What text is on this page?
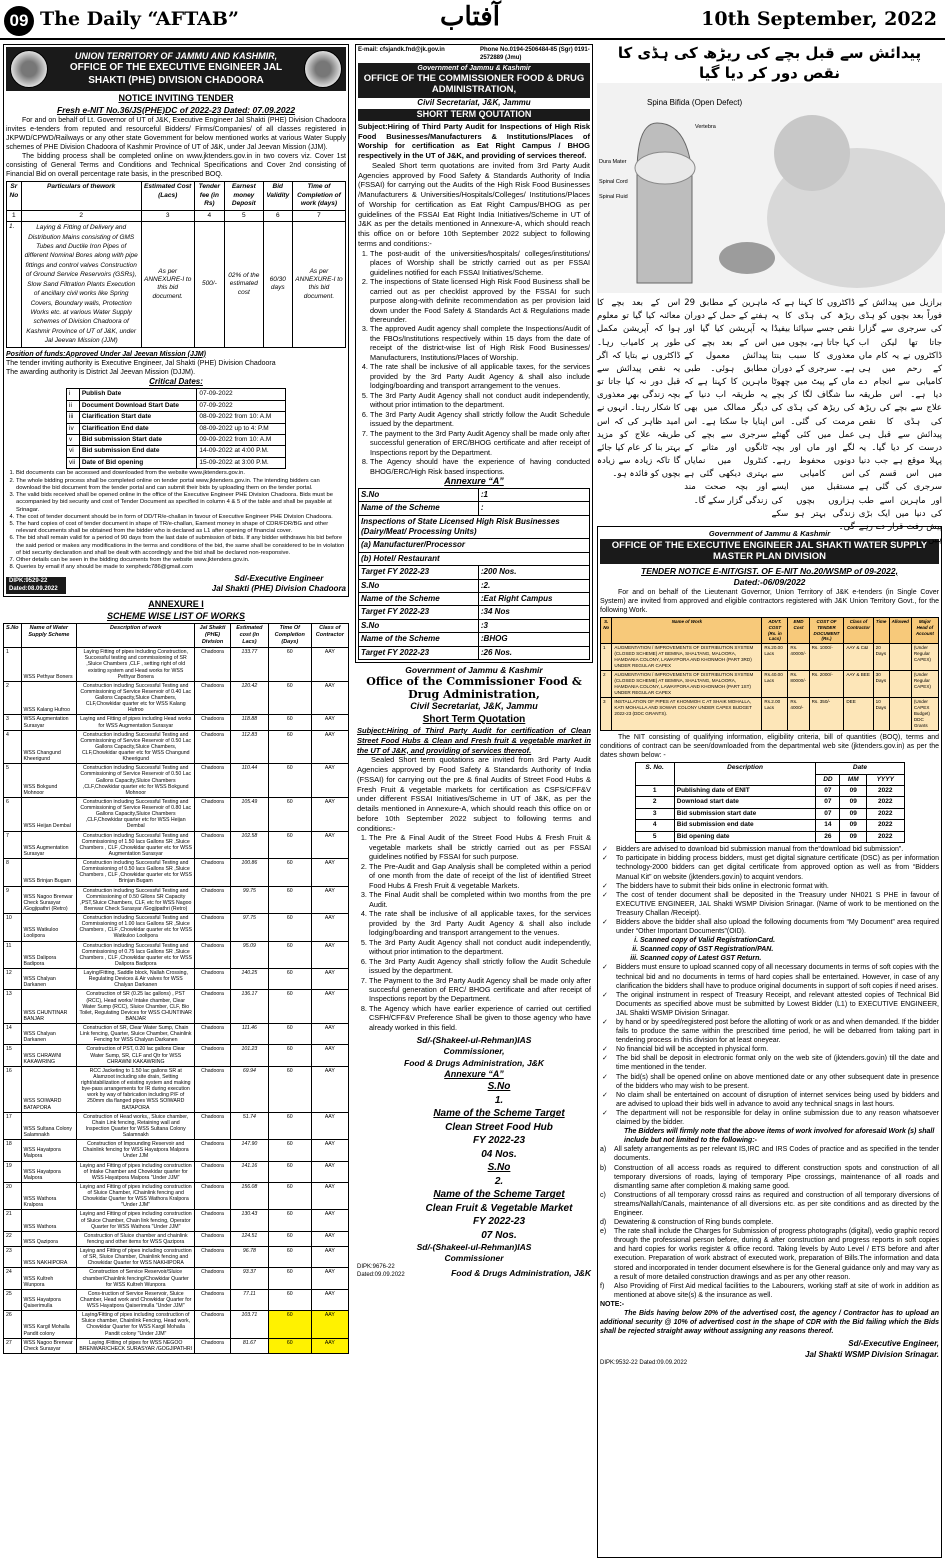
09 The Daily “AFTAB”	آفتاب	10th September, 2022
UNION TERRITORY OF JAMMU AND KASHMIR,
OFFICE OF THE EXECUTIVE ENGINEER JAL SHAKTI (PHE) DIVISION CHADOORA
NOTICE INVITING TENDER
Fresh e-NIT No.36/JS(PHE)DC of 2022-23 Dated: 07.09.2022

For and on behalf of Lt. Governor of UT of J&K, Executive Engineer Jal Shakti (PHE) Division Chadoora invites e-tenders from reputed and resourceful Bidders/ Firms/Companies/ of all classes registered in JKPWD/CPWD/Railways or any other state Government for below mentioned works at various Water Supply schemes of PHE Division Chadoora of Kashmir Province of UT of J&K, under Jal Jeevan Mission (JJM).

The bidding process shall be completed online on www.jktenders.gov.in in two covers viz. Cover 1st consisting of General Terms and Conditions and Technical Specifications and Cover 2nd consisting of Financial Bid on overall percentage rate basis, in the prescribed BOQ.

Sr No	Particulars of thework	Estimated Cost (Lacs)	Tender fee (in Rs)	Earnest money Deposit	Bid Validity	Time of Completion of work (days)
1	2	3	4	5	6	7
1.	Laying & Fitting of Delivery and Distribution Mains consisting of GMS Tubes and Ductile Iron Pipes of different Nominal Bores along with pipe fittings and control valves Construction of Ground Service Reservoirs (GSRs), Slow Sand Filtration Plants Execution of ancillary civil works like Spring Covers, Boundary walls, Protection Works etc. at various Water Supply schemes of Division Chadoora of Kashmir Province of UT of J&K, under Jal Jeevan Mission (JJM)	As per ANNEXURE-I to this bid document.	500/-	02% of the estimated cost	60/30 days	As per ANNEXURE-I to this bid document.
Position of funds:Approved Under Jal Jeevan Mission (JJM)
The tender inviting authority is Executive Engineer, Jal Shakti (PHE) Division Chadoora
The awarding authority is District Jal Jeevan Mission (DJJM).
Critical Dates:
i	Publish Date	07-09-2022
ii	Document Download Start Date	07-09-2022
iii	Clarification Start date	08-09-2022 from 10: A.M
iv	Clarification End date	08-09-2022 up to 4: P.M
v	Bid submission Start date	09-09-2022 from 10: A.M
vi	Bid submission End date	14-09-2022 at 4:00 P.M.
vii	Date of Bid opening	15-09-2022 at 3:00 P.M.
1. Bid documents can be accessed and downloaded from the website www.jktenders.gov.in.
2. The whole bidding process shall be completed online on tender portal www.jktenders.gov.in. The intending bidders can download the bid document from the tender portal and can submit their bids by uploading them on the tender portal.
3. The valid bids received shall be opened online in the office of the Executive Engineer PHE Division Chadoora. Bids must be accompanied by bid security and cost of Tender Document as specified in column 4 & 5 of the table and shall be payable at Srinagar.
4. The cost of tender document should be in form of DD/TR/e-challan in favour of Executive Engineer PHE Division Chadoora.
5. The hard copies of cost of tender document in shape of TR/e-challan, Earnest money in shape of CDR/FDR/BG and other relevant documents shall be obtained from the bidder who is declared as L1 after opening of financial cover.
6. The bid shall remain valid for a period of 90 days from the last date of submission of bids. If any bidder withdraws his bid before the said period or makes any modifications in the terms and conditions of the bid, the same shall be considered to be in violation of bid security declaration and shall be dealt with accordingly and the bid shall be declared non-responsive.
7. Other details can be seen in the bidding documents from the website www.jktenders.gov.in.
8. Queries by email if any should be made to xenphedc786@gmail.com
DIPK:9529-22 Dated:08.09.2022
Sd/-Executive Engineer
Jal Shakti (PHE) Division Chadoora
ANNEXURE I
SCHEME WISE LIST OF WORKS
S.No	Name of Water Supply Scheme	Description of work	Jal Shakti (PHE) Division	Estimated cost (in Lacs)	Time Of Completion (Days)	Class of Contractor
1	WSS Pethyar Boners	Laying Fitting of pipes including Construction, Successful testing and commissioning of SR ,Sluice Chambers ,CLF , setting right of old existing system and Head works for WSS Pethyar Bonera	Chadoora	133.77	60	AAY
2	WSS Kalang Hufroo	Construction including Successful Testing and Commissioning of Service Reservoir of 0.40 Lac Gallons Capacity,Sluice Chambers, CLF,Chowkidar quarter etc for WSS Kalang Hufroo	Chadoora	120.42	60	AAY
3	WSS Augmentation Surasyar	Laying and Fitting of pipes including Head works for WSS Augmentation Surasyar	Chadoora	118.88	60	AAY
4	WSS Changund Kheerigund	Construction including Successful Testing and Commissioning of Service Reservoir of 0.50 Lac Gallons Capacity,Sluice Chambers, CLF,Chowkidar quarter etc for WSS Changund Kheerigund	Chadoora	112.83	60	AAY
5	WSS Bokgund Mohnoor	Construction including Successful Testing and Commissioning of Service Reservoir of 0.50 Lac Gallons Capacity,Sluice Chambers ,CLF,Chowkidar quarter etc for WSS Bokgund Mohnoor	Chadoora	110.44	60	AAY
6	WSS Heijan Dembal	Construction including Successful Testing and Commissioning of Service Reservoir of 0.80 Lac Gallons Capacity,Sluice Chambers ,CLF,Chowkidar quarter etc for WSS Heijan Dembal	Chadoora	105.49	60	AAY
7	WSS Augmentation Surasyar	Construction including Successful Testing and Commissioning of 1.50 lacs Gallons SR ,Sluice Chambers , CLF ,Chowkidar quarter etc for WSS Augmentation Surasyar	Chadoora	102.58	60	AAY
8	WSS Brinjan Bugam	Construction including Successful Testing and Commissioning of 0.50 lacs Gallons SR ,Sluice Chambers , CLF ,Chowkidar quarter etc for WSS Brinjan Bugam	Chadoora	100.86	60	AAY
9	WSS Nagoo Brenwar Check Surasyar /Gogjipathri (Retro)	Construction including Successful Testing and Commissioning of 0.50 Gllons SR Capacity ,PST,Sluice Chambers, CLF, etc for WSS Nagoo Brenwar Check Surasyar /Gogjipathri (Retro)	Chadoora	99.75	60	AAY
10	WSS Watkuloo Loolipora	Construction including Successful Testing and Commissioning of 1.00 lacs Gallons SR ,Sluice Chambers , CLF ,Chowkidar quarter etc for WSS Watkuloo Loolipora	Chadoora	97.75	60	AAY
11	WSS Dalipora Badipora	Construction including Successful Testing and Commissioning of 0.75 lacs Gallons SR ,Sluice Chambers , CLF ,Chowkidar quarter etc for WSS Dalipora Badipora	Chadoora	95.09	60	AAY
12	WSS Chalyan Darkanen	Laying/Fitting, Saddle block, Nallah Crossing, Regulating Devices & Air valves for WSS Chalyan Darkanen	Chadoora	140.25	60	AAY
13	WSS CHUNTINAR BANJAR	Construction of SR (0.25 lac gallons) , PST (RCC), Head works/ Intake chamber, Clear Water Sump (RCC), Sluice Chamber, CLF, Bio Toilet, Regulating Devices for WSS CHUNTINAR BANJAR	Chadoora	136.17	60	AAY
14	WSS Chalyan Darkanen	Construction of SR, Clear Water Sump, Chain Link fencing, Quarter, Sluice Chamber, Chainlink Fencing for WSS Chalyan Darkanen	Chadoora	111.46	60	AAY
15	WSS CHRAWNI KAKAWRING	Construction of PST, 0.20 lac gallons Clear Water Sump, SR, CLF and Qtr for WSS CHRAWNI KAKAWRING	Chadoora	101.23	60	AAY
16	WSS SOIWARD BATAPORA	RCC Jacketing to 1.50 lac gallons SR at Alamzoot including site drain, Setting right/stabilization of existing system and making bye-pass arrangements for IR during execution work by way of fabrication including P/F of 250mm dia flanged pipes WSS SOIWARD BATAPORA	Chadoora	69.94	60	AAY
17	WSS Sultana Colony Salamnakh	Construction of Head works,, Sluice chamber, Chain Link fencing, Retaining wall and Inspection Quarter for WSS Sultana Colony Salamnakh	Chadoora	51.74	60	AAY
18	WSS Hayatpora Malpora	Construction of Impounding Reservoir and Chainlink fencing for WSS Hayatpora Malpora Under JJM	Chadoora	147.90	60	AAY
19	WSS Hayatpora Malpora	Laying and Fitting of pipes including construction of Intake Chamber and Chowkidar quarter for WSS Hayatpora Malpora "Under JJM"	Chadoora	141.16	60	AAY
20	WSS Wathora Kralpora	Laying and Fitting of pipes including construction of Sluice Chamber, /Chainlink fencing and Chowkidar Quarter for WSS Wathora Kralpora "Under JJM"	Chadoora	156.08	60	AAY
21	WSS Wathora	Laying and Fitting of pipes including construction of Sluice Chamber, Chain link fencing, Operator Quarter for WSS Wathora "Under JJM"	Chadoora	130.43	60	AAY
22	WSS Qazipora	Construction of Sluice chamber and chainlink fencing and other items for WSS Qazipora	Chadoora	124.51	60	AAY
23	WSS NAKHIPORA	Laying and Fitting of pipes including construction of SR, Sluice Chamber, Chainlink fencing and Chowkidar Quarter for WSS NAKHIPORA	Chadoora	96.78	60	AAY
24	WSS Kultreh Wunpora	Construction of Service Reservoir/Sluice chamber/Chainlink fencing/Chowkidar Quarter for WSS Kultreh Wunpora	Chadoora	93.37	60	AAY
25	WSS Hayatpora Qaiserimulla	Cons-truction of Service Reservoir, Sluice Chamber, Head work and Chowkidar Quarter for WSS Hayatpora Qaiserimulla "Under JJM"	Chadoora	77.11	60	AAY
26	WSS Kargil Mohalla Pandit colony	Laying/Fitting of pipes including construction of Sluice chamber, Chainlink Fencing, Head work, Chowkidar Quarter for WSS Kargil Mohalla Pandit colony "Under JJM"	Chadoora	103.71	60	AAY
27	WSS Nagoo Brenwar Check Surasyar	Laying /Fitting of pipes for WSS NEGOO BRENWAR/CHECK SURASYAR /GOGJIPATHRI	Chadoora	81.67	60	AAY
E-mail: cfsjandk.fnd@jk.gov.in	Phone No.0194-2506484-85 (Sgr) 0191-2572889 (Jmu)
Government of Jammu & Kashmir
OFFICE OF THE COMMISSIONER FOOD & DRUG ADMINISTRATION,
Civil Secretariat, J&K, Jammu
SHORT TERM QOUTATION

Subject:Hiring of Third Party Audit for Inspections of High Risk Food Businesses/Manufacturers & Institutions/Places of Worship for certification as Eat Right Campus / BHOG respectively in the UT of J&K, and providing of services thereof.

Sealed Short term quotations are invited from 3rd Party Audit Agencies approved by Food Safety & Standards Authority of India (FSSAI) for carrying out the Audits of the High Risk Food Businesses /Manufacturers & Universities/Hospitals/Colleges/ Institutions/Places of Worship for certification as Eat Right Campus/BHOG as per guidelines of the FSSAI Eat Right India Initiatives/Scheme in UT of J&K as per the details mentioned in Annexure-A, which should reach this office on or before 10th September 2022 subject to following terms and conditions:-

1. The post-audit of the universities/hospitals/ colleges/institutions/ places of Worship shall be strictly carried out as per FSSAI guidelines notified for each FSSAI Initiatives/Scheme.
2. The inspections of State licensed High Risk Food Business shall be carried out as per checklist approved by the FSSAI for such purpose along-with definite recommendation as per provision laid down under the Food Safety & Standards Act & Regulations made thereunder.
3. The approved Audit agency shall complete the Inspections/Audit of the FBOs/Institutions respectively within 15 days from the date of receipt of the district-wise list of High Risk Food Businesses/ Manufacturers, Institutions/Places of Worship.
4. The rate shall be inclusive of all applicable taxes, for the services provided by the 3rd Party Audit Agency & shall also include lodging/boarding and transport arrangement to the venues.
5. The 3rd Party Audit Agency shall not conduct audit independently, without prior intimation to the department.
6. The 3rd Party Audit Agency shall strictly follow the Audit Schedule issued by the department.
7. The payment to the 3rd Party Audit Agency shall be made only after successful generation of ERC/BHOG certificate and after receipt of Inspections report by the Department.
8. The Agency should have the experience of having conducted BHOG/ERC/High Risk based inspections.
Annexure “A”
S.No	:1
Name of the Scheme	:
Inspections of State Licensed High Risk Businesses (Dairy/Meat/ Processing Units)	
(a) Manufacturer/Processor	
(b) Hotel/ Restaurant	
Target FY 2022-23	:200 Nos.
S.No	:2.
Name of the Scheme	:Eat Right Campus
Target FY 2022-23	:34 Nos
S.No	:3
Name of the Scheme	:BHOG
Target FY 2022-23	:26 Nos.
Government of Jammu & Kashmir
Office of the Commissioner Food & Drug Administration,
Civil Secretariat, J&K, Jammu
Short Term Quotation

Subject:Hiring of Third Party Audit for certification of Clean Street Food Hubs & Clean and Fresh fruit & vegetable market in the UT of J&K, and providing of services thereof.

Sealed Short term quotations are invited from 3rd Party Audit Agencies approved by Food Safety & Standards Authority of India (FSSAI) for carrying out the pre & final Audits of Street Food Hubs & Fresh Fruit & vegetable markets for certification as CSFS/CFF&V under different FSSAI Initiatives/Scheme in UT of J&K, as per the details mentioned in Annexure-A, which should reach this office on or before 10th September 2022 subject to following terms and conditions:-

1. The Pre & Final Audit of the Street Food Hubs & Fresh Fruit & vegetable markets shall be strictly carried out as per FSSAI guidelines notified by FSSAI for such purpose.
2. The Pre-Audit and Gap Analysis shall be completed within a period of one month from the date of receipt of the list of identified Street Food Hubs & Fresh Fruit & vegetable Markets.
3. The Final Audit shall be completed within two months from the pre Audit.
4. The rate shall be inclusive of all applicable taxes, for the services provided by the 3rd Party Audit Agency & shall also include lodging/boarding and transport arrangement to the venues.
5. The 3rd Party Audit Agency shall not conduct audit independently, without prior intimation to the department.
6. The 3rd Party Audit Agency shall strictly follow the Audit Schedule issued by the department.
7. The Payment to the 3rd Party Audit Agency shall be made only after succesful generation of ERC/ BHOG certificate and after receipt of Inspections report by the Department.
8. The Agency which have earlier experience of carried out certified CSFH/CFF&V Preference Shall be given to those agency who have already worked in this field.
Sd/-(Shakeel-ul-Rehman)IAS
Commissioner,
Food & Drugs Administration, J&K
Annexure “A”
S.No
1.
Name of the Scheme Target
Clean Street Food Hub
FY 2022-23
04 Nos.
S.No
2.
Name of the Scheme Target
Clean Fruit & Vegetable Market
FY 2022-23
07 Nos.
Sd/-(Shakeel-ul-Rehman)IAS
Commissioner
DIPK:9676-22 Dated:09.09.2022	Food & Drugs Administration, J&K
پیدائش سے قبل بچے کی ریڑھ کی ہڈی کا نقص دور کر دیا گیا
Spina Bifida (Open Defect)
Dura Mater
Spinal Cord
Spinal Fluid
Vertebra
برازیل میں پیدائش کے فوراً بعد بچوں کو ہڈی کی سرجری سے گزارا جاتا تھا لیکن اب ڈاکٹروں نے یہ کام ماں کے رحم میں ہی کامیابی سے انجام دے دیا ہے۔ اس طریقہ علاج سے بچے کی ریڑھ کی ہڈی کا نقص پیدائش سے قبل ہی درست کر دیا گیا۔ یہ پہلا موقع ہے جب دنیا میں اس قسم کی سرجری کی گئی ہے اور ماہرین اسے طب کی دنیا میں ایک بڑی پیش رفت قرار دے رہے ہیں۔
ڈاکٹروں کا کہنا ہے کہ ریڑھ کی ہڈی کا یہ نقص جسے سپائنا بیفیڈا کہا جاتا ہے، بچوں میں معذوری کا سبب بنتا ہے۔ سرجری کے دوران ماں کے پیٹ میں چھوٹا سا شگاف لگا کر بچے کی ریڑھ کی ہڈی کی مرمت کی گئی۔ اس عمل میں کئی گھنٹے لگے اور ماں اور بچہ دونوں محفوظ رہے۔ اس کامیابی سے مستقبل میں ایسے ہزاروں بچوں کی زندگی بہتر ہو سکے گی۔
ماہرین کے مطابق 29 ہفتے کے حمل کے دوران یہ آپریشن کیا گیا اور اس کے بعد بچے کی پیدائش معمول کے مطابق ہوئی۔ طبی ماہرین کا کہنا ہے کہ یہ طریقہ اب دنیا کے دیگر ممالک میں بھی اپنایا جا سکتا ہے۔ اس سرجری سے بچے کی ٹانگوں اور مثانے کے کنٹرول میں نمایاں بہتری دیکھی گئی ہے اور بچہ صحت مند زندگی گزار سکے گا۔
اس کے بعد بچے کا معائنہ کیا گیا تو معلوم ہوا کہ آپریشن مکمل طور پر کامیاب رہا۔ ڈاکٹروں نے بتایا کہ اگر یہ نقص پیدائش سے قبل دور نہ کیا جاتا تو بچہ زندگی بھر معذوری کا شکار رہتا۔ انہوں نے امید ظاہر کی کہ اس طریقہ علاج کو مزید بہتر بنا کر عام کیا جائے گا تاکہ زیادہ سے زیادہ بچوں کو فائدہ ہو۔
Government of Jammu & Kashmir
OFFICE OF THE EXECUTIVE ENGINEER JAL SHAKTI WATER SUPPLY MASTER PLAN DIVISION
TENDER NOTICE E-NIT/GIST. OF E-NIT No.20/WSMP of 09-2022,
Dated:-06/09/2022

For and on behalf of the Lieutenant Governor, Union Territory of J&K e-tenders (in Single Cover System) are invited from approved and eligible contractors registered with J&K Union Territory Govt., for the following Work.

S. No	Name of Work	ADVT. COST (Rs. in Lacs)	EMD Cost	COST OF TENDER DOCUMENT (Rs.)	Class of Contractor	Time	Allowed	Major Head of Account
1	AUGMENTATION / IMPROVEMENTS OF DISTRIBUTION SYSTEM (CLOSED SCHEME) AT BEMINA, SHALTANG, MALOORA, HAMDANIA COLONY, LAWAYPORA AND KHONMOH (PART 3RD) UNDER REGULAR CAPEX	Rs.20.00 Lacs	Rs. 40000/-	Rs. 1000/-	AAY & C&I	20 Days		(Under Regular CAPEX)
2	AUGMENTATION / IMPROVEMENTS OF DISTRIBUTION SYSTEM (CLOSED SCHEME) AT BEMINA, SHALTANG, MALOORA, HAMDANIA COLONY, LAWAYPORA AND KHONMOH (PART 1ST) UNDER REGULAR CAPEX	Rs.40.00 Lacs	Rs. 80000/-	Rs. 2000/-	AAY & BEE	30 Days		(Under Regular CAPEX)
3	INSTALLATION OF PIPES AT KHONMOH C AT SHAIK MOHALLA, KATI MOHALLA AND SOWAR COLONY UNDER CAPEX BUDGET 2022-23 (DDC GRANTS).	Rs.2.00 Lacs	Rs. 4000/-	Rs. 350/-	DEE	10 Days		(Under CAPEX Budget) DDC Grants

The NIT consisting of qualifying information, eligibility criteria, bill of quantities (BOQ), terms and conditions of contract can be seen/downloaded from the departmental web site (jktenders.gov.in) as per the dates shown below: -

S. No.	Description	Date		
		DD	MM	YYYY
1	Publishing date of ENIT	07	09	2022
2	Download start date	07	09	2022
3	Bid submission start date	07	09	2022
4	Bid submission end date	14	09	2022
5	Bid opening date	26	09	2022
✓	Bidders are advised to download bid submission manual from the“download bid submission”.
✓	To participate in bidding process bidders, must get digital signature certificate (DSC) as per information technology-2000 bidders can get digital certificate from approved option as well as from “Bidders Manual Kit” on website (jktenders.gov.in) to acquint vendors.
✓	The bidders have to submit their bids online in electronic format with.
✓	The cost of tender document shall be deposited in the Treasury under NH021 S PHE in favour of EXECUTIVE ENGINEER, JAL Shakti WSMP Division Srinagar. (Name of work to be mentioned on the Treasury Challan /Receipt).
✓	Bidders above the bidder shall also upload the following documents from “My Document” area required under “Other Important Documents”(OID).
i. Scanned copy of Valid RegistrationCard.
ii. Scanned copy of GST Registration/PAN.
iii. Scanned copy of Latest GST Return.
✓	Bidders must ensure to upload scanned copy of all necessary documents in terms of soft copies with the technical bid and no documents in terms of hard copies shall be entertained. However, in case of any clarification the bidders shall have to produce original documents in support of soft copies if need arises.
✓	The original instrument in respect of Treasury Receipt, and relevant attested copies of Technical Bid Documents as specified above must be submitted by Lowest Bidder (L1) to EXECUTIVE ENGINEER, JAL Shakti WSMP Division Srinagar.
✓	by hand or by speed/registered post before the allotting of work or as and when demanded. If the bidder fails to produce the same within the prescribed time period, he will be debarred from taking part in tendering process in this division for at least oneyear.
✓	No financial bid will be accepted in physical form.
✓	The bid shall be deposit in electronic format only on the web site of (jktenders.gov.in) till the date and time mentioned in the tender.
✓	The bid(s) shall be opened online on above mentioned date or any other subsequent date in presence of the bidders who may wish to be present.
✓	No claim shall be entertained on account of disruption of internet services being used by bidders and are advised to upload their bids well in advance to avoid any technical snags in last hours.
✓	The department will not be responsible for delay in online submission due to any reason whatsoever claimed by the bidder.

The Bidders will firmly note that the above items of work involved for aforesaid Work (s) shall include but not limited to the following:-

a)	All safety arrangements as per relevant IS,IRC and IRS Codes of practice and as specified in the tender documents.
b)	Construction of all access roads as required to different construction spots and construction of all temporary diversions of roads, laying of temporary Pipe crossings, maintenance of all roads and dismantling same after completion & making same good.
c)	Constructions of all temporary crossd rains as required and construction of all temporary diversions of streams/Nallah/Canals, maintenance of all diversions etc. as per site conditions and as directed by the Engineer.
d)	Dewatering & construction of Ring bunds complete.
e)	The rate shall include the Charges for Submission of progress photographs (digital), vedio graphic record through the professional person before, during & after construction and progress reports in soft copies and hard copies for works register & office record. Taking levels by Auto Level / ETS before and after execution. Preparation of work abstract of executed work, preparation of Bills.The information and data stored and incorporated in tender document elsewhere is for the General guidance only and may vary as a result of more detailed construction drawings and as per any other reason.
f)	Also Providing of First Aid medical facilities to the Labourers, working staff at site of work in addition as mentioned at above site(s) & the insurance as well.
NOTE:-

The Bids having below 20% of the advertised cost, the agency / Contractor has to upload an additional security @ 10% of advertised cost in the shape of CDR with the Bid failing which the Bids shall be rejected straight away without assigning any reasons thereof.

Sd/-Executive Engineer,
Jal Shakti WSMP Division Srinagar.
DIPK:9532-22 Dated:09.09.2022
